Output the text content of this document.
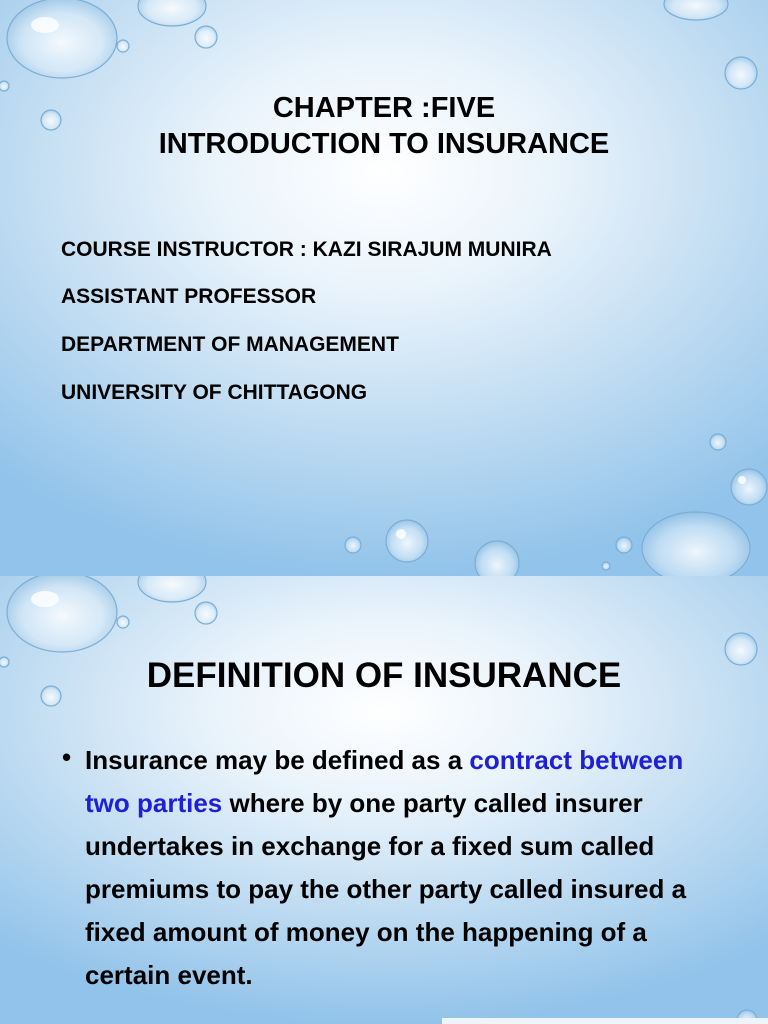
CHAPTER :FIVE
INTRODUCTION TO INSURANCE
COURSE INSTRUCTOR : KAZI SIRAJUM MUNIRA
ASSISTANT PROFESSOR
DEPARTMENT OF MANAGEMENT
UNIVERSITY OF CHITTAGONG
DEFINITION OF INSURANCE
• Insurance may be defined as a contract between two parties where by one party called insurer undertakes in exchange for a fixed sum called premiums to pay the other party called insured a fixed amount of money on the happening of a certain event.
